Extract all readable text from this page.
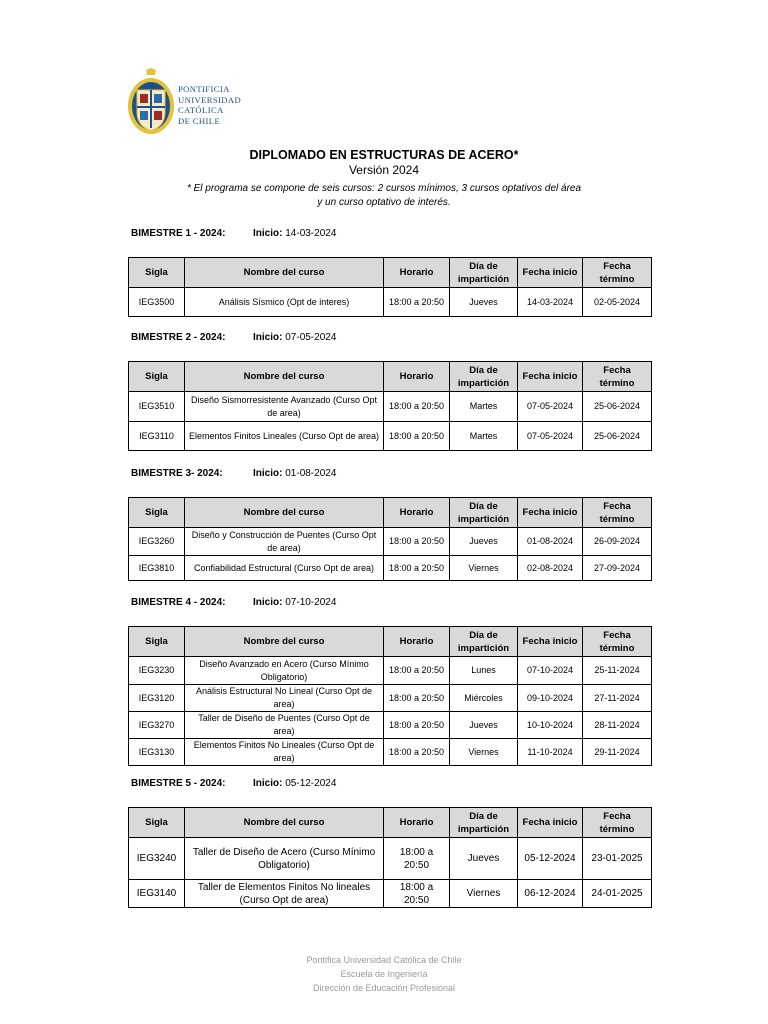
PONTIFICIA
UNIVERSIDAD
CATÓLICA
DE CHILE
DIPLOMADO EN ESTRUCTURAS DE ACERO*
Versión 2024
* El programa se compone de seis cursos: 2 cursos mínimos, 3 cursos optativos del área y un curso optativo de interés.
BIMESTRE 1 - 2024:	Inicio: 14-03-2024
Sigla	Nombre del curso	Horario	Día de impartición	Fecha inicio	Fecha término
IEG3500	Análisis Sísmico (Opt de interes)	18:00 a 20:50	Jueves	14-03-2024	02-05-2024
BIMESTRE 2 - 2024:	Inicio: 07-05-2024
Sigla	Nombre del curso	Horario	Día de impartición	Fecha inicio	Fecha término
IEG3510	Diseño Sismorresistente Avanzado (Curso Opt de area)	18:00 a 20:50	Martes	07-05-2024	25-06-2024
IEG3110	Elementos Finitos Lineales (Curso Opt de area)	18:00 a 20:50	Martes	07-05-2024	25-06-2024
BIMESTRE 3- 2024:	Inicio: 01-08-2024
Sigla	Nombre del curso	Horario	Día de impartición	Fecha inicio	Fecha término
IEG3260	Diseño y Construcción de Puentes (Curso Opt de area)	18:00 a 20:50	Jueves	01-08-2024	26-09-2024
IEG3810	Confiabilidad Estructural (Curso Opt de area)	18:00 a 20:50	Viernes	02-08-2024	27-09-2024
BIMESTRE 4 - 2024:	Inicio: 07-10-2024
Sigla	Nombre del curso	Horario	Día de impartición	Fecha inicio	Fecha término
IEG3230	Diseño Avanzado en Acero (Curso Mínimo Obligatorio)	18:00 a 20:50	Lunes	07-10-2024	25-11-2024
IEG3120	Análisis Estructural No Lineal (Curso Opt de area)	18:00 a 20:50	Miércoles	09-10-2024	27-11-2024
IEG3270	Taller de Diseño de Puentes (Curso Opt de area)	18:00 a 20:50	Jueves	10-10-2024	28-11-2024
IEG3130	Elementos Finitos No Lineales (Curso Opt de area)	18:00 a 20:50	Viernes	11-10-2024	29-11-2024
BIMESTRE 5 - 2024:	Inicio: 05-12-2024
Sigla	Nombre del curso	Horario	Día de impartición	Fecha inicio	Fecha término
IEG3240	Taller de Diseño de Acero (Curso Mínimo Obligatorio)	18:00 a 20:50	Jueves	05-12-2024	23-01-2025
IEG3140	Taller de Elementos Finitos No lineales (Curso Opt de area)	18:00 a 20:50	Viernes	06-12-2024	24-01-2025
Pontifica Universidad Católica de Chile
Escuela de Ingeniería
Dirección de Educación Profesional
